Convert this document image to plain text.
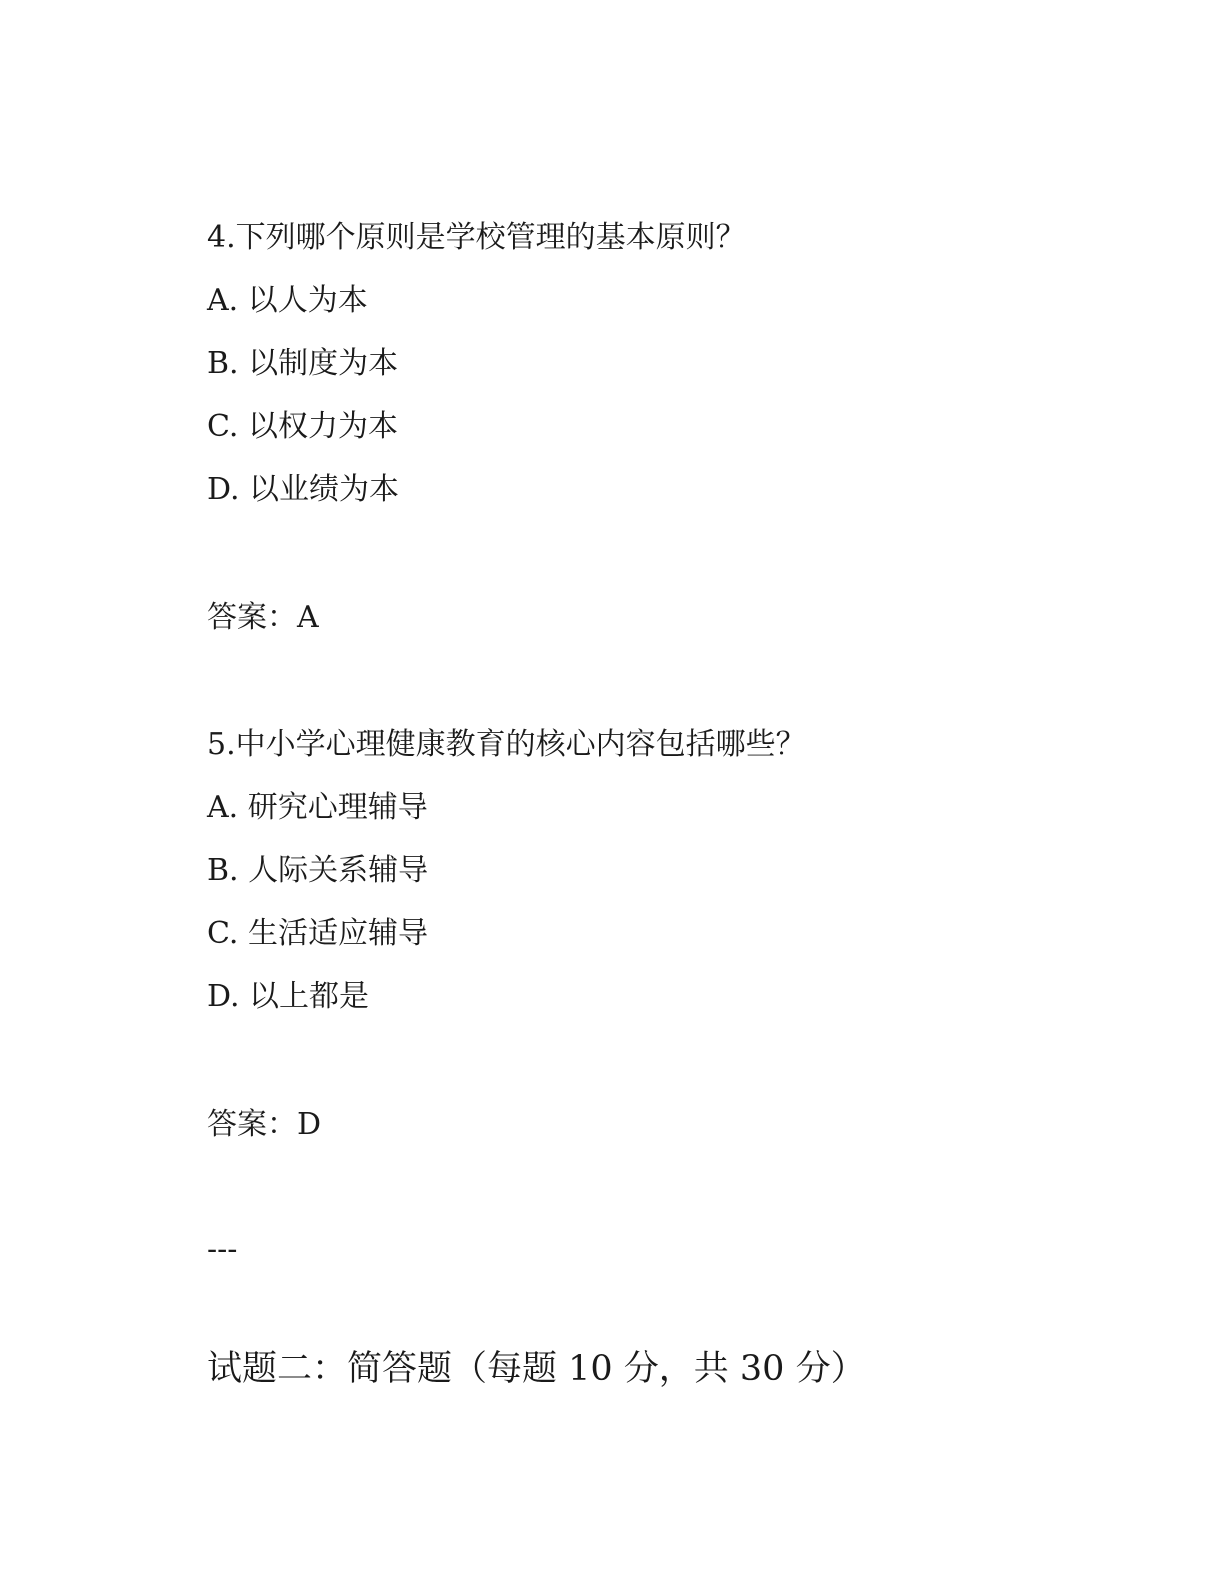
4.下列哪个原则是学校管理的基本原则？
A. 以人为本
B. 以制度为本
C. 以权力为本
D. 以业绩为本
答案：A
5.中小学心理健康教育的核心内容包括哪些？
A. 研究心理辅导
B. 人际关系辅导
C. 生活适应辅导
D. 以上都是
答案：D
---
试题二：简答题（每题 10 分，共 30 分）
